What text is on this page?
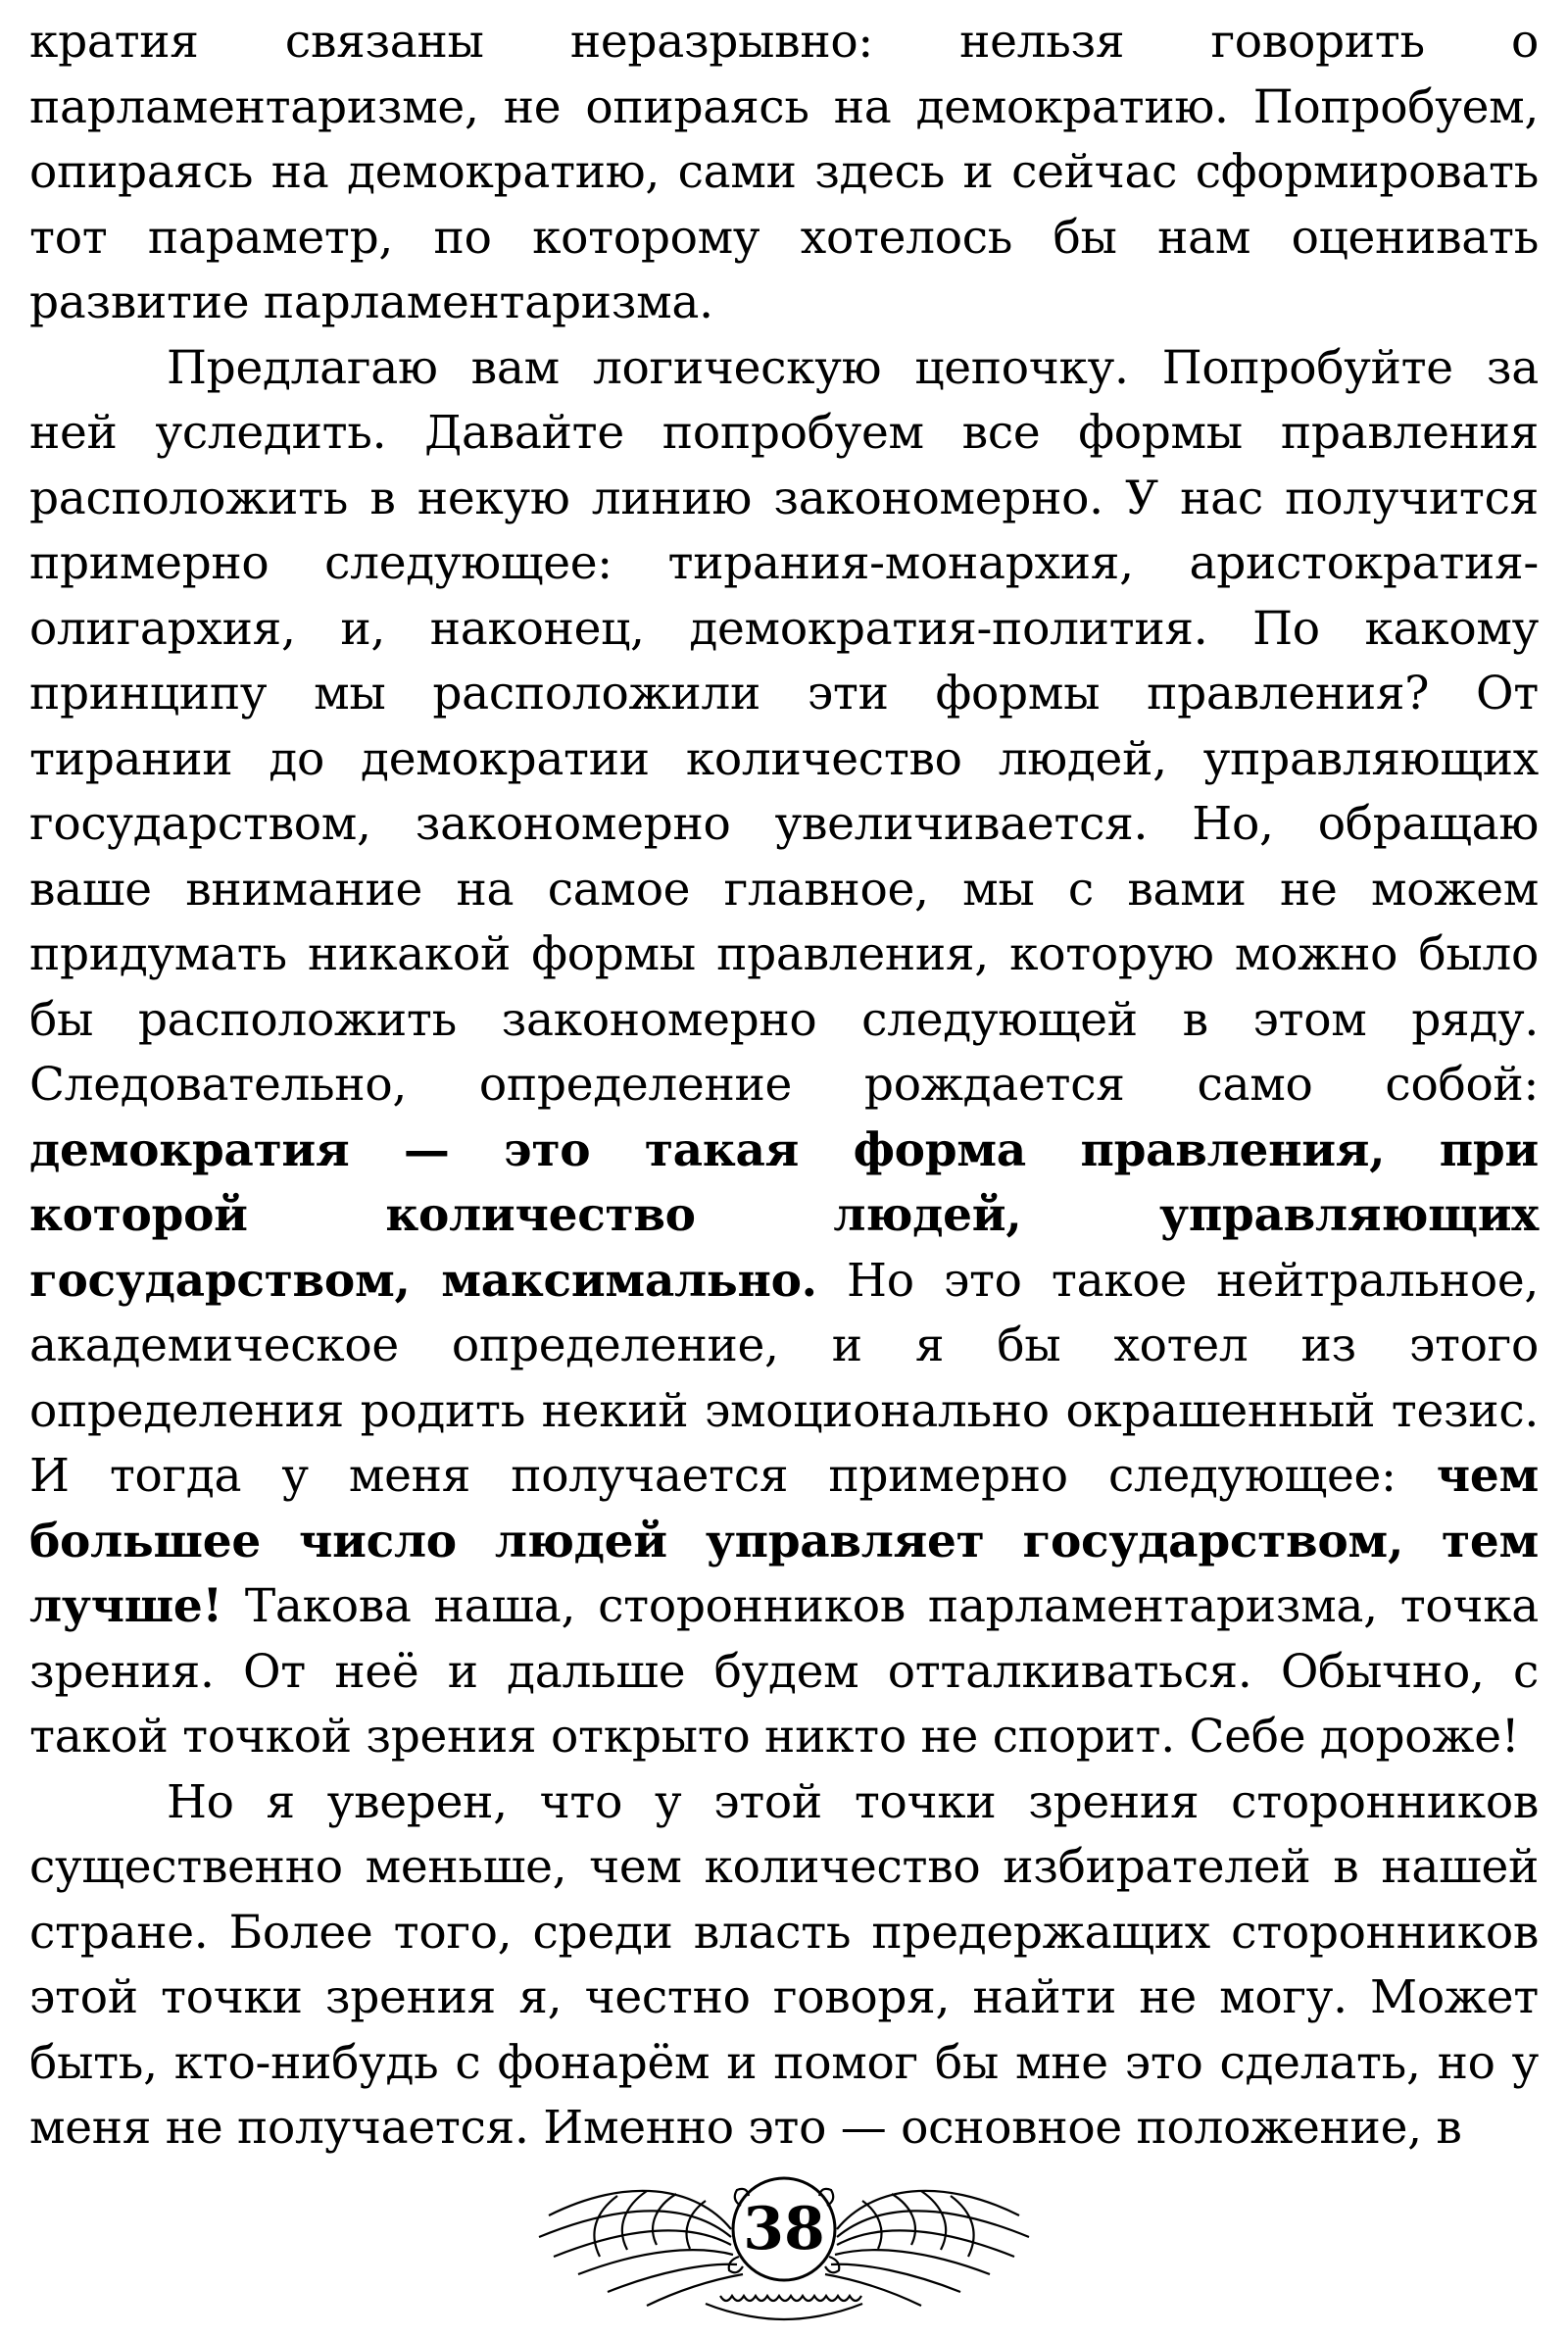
кратия связаны неразрывно: нельзя говорить о парламентаризме, не опираясь на демократию. Попробуем, опираясь на демократию, сами здесь и сейчас сформировать тот параметр, по которому хотелось бы нам оценивать развитие парламентаризма.

Предлагаю вам логическую цепочку. Попробуйте за ней уследить. Давайте попробуем все формы правления расположить в некую линию закономерно. У нас получится примерно следующее: тирания-монархия, аристократия-олигархия, и, наконец, демократия-полития. По какому принципу мы расположили эти формы правления? От тирании до демократии количество людей, управляющих государством, закономерно увеличивается. Но, обращаю ваше внимание на самое главное, мы с вами не можем придумать никакой формы правления, которую можно было бы расположить закономерно следующей в этом ряду. Следовательно, определение рождается само собой: демократия — это такая форма правления, при которой количество людей, управляющих государством, максимально. Но это такое нейтральное, академическое определение, и я бы хотел из этого определения родить некий эмоционально окрашенный тезис. И тогда у меня получается примерно следующее: чем большее число людей управляет государством, тем лучше! Такова наша, сторонников парламентаризма, точка зрения. От неё и дальше будем отталкиваться. Обычно, с такой точкой зрения открыто никто не спорит. Себе дороже!

Но я уверен, что у этой точки зрения сторонников существенно меньше, чем количество избирателей в нашей стране. Более того, среди власть предержащих сторонников этой точки зрения я, честно говоря, найти не могу. Может быть, кто-нибудь с фонарём и помог бы мне это сделать, но у меня не получается. Именно это — основное положение, в

38
